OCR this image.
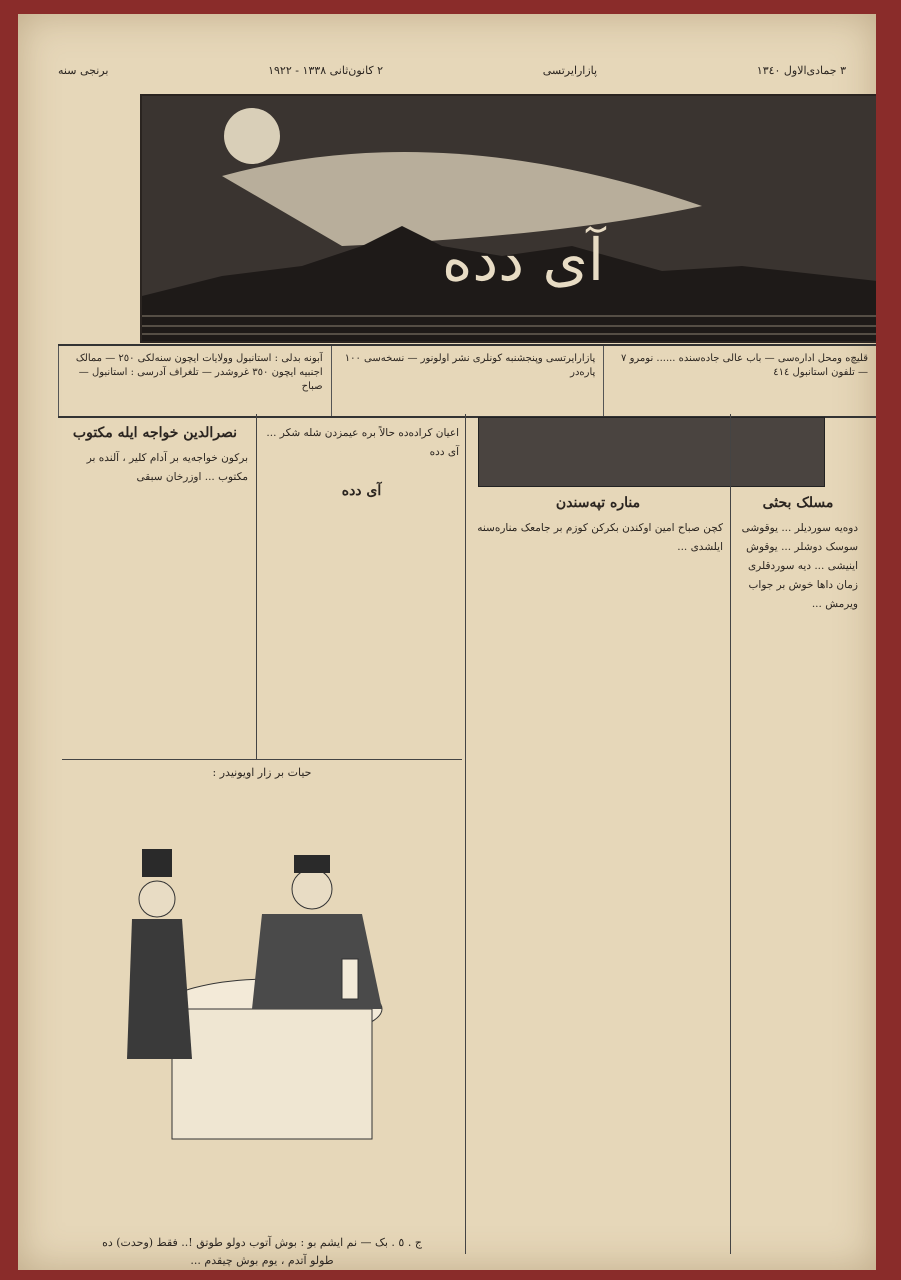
٣ جمادی‌الاول ١٣٤٠
پازارایرتسی
٢ کانون‌ثانی ١٣٣٨ - ١٩٢٢
برنجی سنه
آی دده
قلیچ‌ه ومحل ادارەسی — باب عالی جاده‌سنده ...... نومرو ٧ — تلفون استانبول ٤١٤
پازارایرتسی وپنجشنبه کونلری نشر اولونور — نسخه‌سی ١٠٠ پاره‌در
آبونه بدلی : استانبول وولایات ایچون سنه‌لکی ٢٥٠ — ممالک اجنبیه ایچون ٣٥٠ غروشدر — تلغراف آدرسی : استانبول — صباح
مسلک بحثی

دوه‌یه سوردیلر ... یوقوشی سوسک دوشلر ... یوقوش اینیشی ... دیه سوردقلری زمان داها خوش بر جواب ویرمش ...

مناره تپه‌سندن

کچن صباح امین اوکندن بکرکن کوزم بر جامعک منارەسنه ایلشدی ...

اعیان کراده‌ده حالاً بره عیمزدن شله شکر ... آی دده

آی دده
نصرالدین خواجه ایله مکتوب

برکون خواجه‌یه بر آدام کلیر ، آلنده بر مکتوب ... اوزرخان سبقی

حیات بر زار اویونیدر :
ج . ٥ . بک — نم ایشم بو : بوش آتوب دولو طوتق !.. فقط (وحدت) ده
طولو آتدم ، یوم بوش چیقدم ...
